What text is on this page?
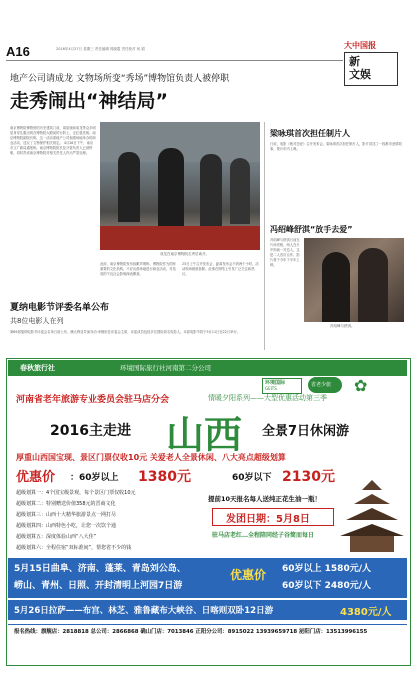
A16	2016年4月27日 星期三 责任编辑 郭晓霞 责任校对 何 娟	大中国报
新
文娱
地产公司请成龙 文物场所变“秀场”博物馆负责人被停职
走秀闹出“神结局”
南京博物院博物馆的历史建筑门前，周星驰和成龙等众多明星身穿礼服出现在博物院大殿前的台阶上，走红毯亮相。南京博物院副院长称，这一活动系地产公司租借场地举办的商业活动，违反了文物保护相关规定。 4月26日下午，南京市文广新局通报称，南京博物院院长及分管负责人已被停职，同时责成南京博物院对相关责任人作出严肃处理。
成龙在南京博物院走秀后离开。
此前，南京博物院发布致歉声明称，博物院作为国家重要的文化机构，不应出借场地进行商业活动，对造成的不良社会影响深表歉意。
25日上午召开发布会，距离发布会不到两个小时，活动现场就被拆除。此事在网络上引发广泛关注和热议。
梁咏琪首次担任制片人
日前，电影《绝对恋爱》召开发布会。梁咏琪首次担任制片人，影片讲述了一段都市爱情故事，预计年内上映。
冯绍峰舒淇“放手去爱”
冯绍峰与舒淇日前在片场亮相，两人在片中饰演一对恋人，这是二人首次合作。影片将于今年下半年上映。
冯绍峰与舒淇。
夏纳电影节评委名单公布
共8位电影人在列
第69届戛纳电影节评委会名单日前公布，澳大利亚导演乔治·米勒担任评委会主席，评委成员包括多位国际知名电影人。本届电影节将于5月11日至22日举行。
春秋旅行社	环境国际旅行社河南第二分公司
环境国际
GEITS
省老少旅 ✿
河南省老年旅游专业委员会驻马店分会	情暖夕阳系列——大型优惠活动第三季
2016主走进 山西 全景7日休闲游
厚重山西国宝现、景区门票仅收10元 关爱老人全景休闲、八大亮点超级划算
优惠价 ：60岁以上 1380元	60岁以下 2130元
超级划算一：4个国宝级景观，每个景区门票仅收10元
超级划算二：特别赠送价值358元的晋商文化
超级划算三：山西十大精华旅游景点一网打尽
超级划算四：山西特色小吃，让您一次饮个通
超级划算五：深度体验山西“八大佳”
超级划算六：全程住宿“双标准间”，帮您省不少的钱
提前10天报名每人送纯正花生油一瓶！
发团日期：5月8日
驻马店老红…全程陪同经子谷简而每日
5月15日曲阜、济南、蓬莱、青岛刘公岛、
崂山、青州、日照、开封清明上河园7日游
优惠价	60岁以上 1580元/人
60岁以下 2480元/人
5月26日拉萨——布宫、林芝、雅鲁藏布大峡谷、日喀则双卧12日游	4380元/人
报名热线：旗舰店：2818818 总公司：2866868 确山门店：7013846 正阳分公司：8915022 13939659718 泌阳门店：13513996155
